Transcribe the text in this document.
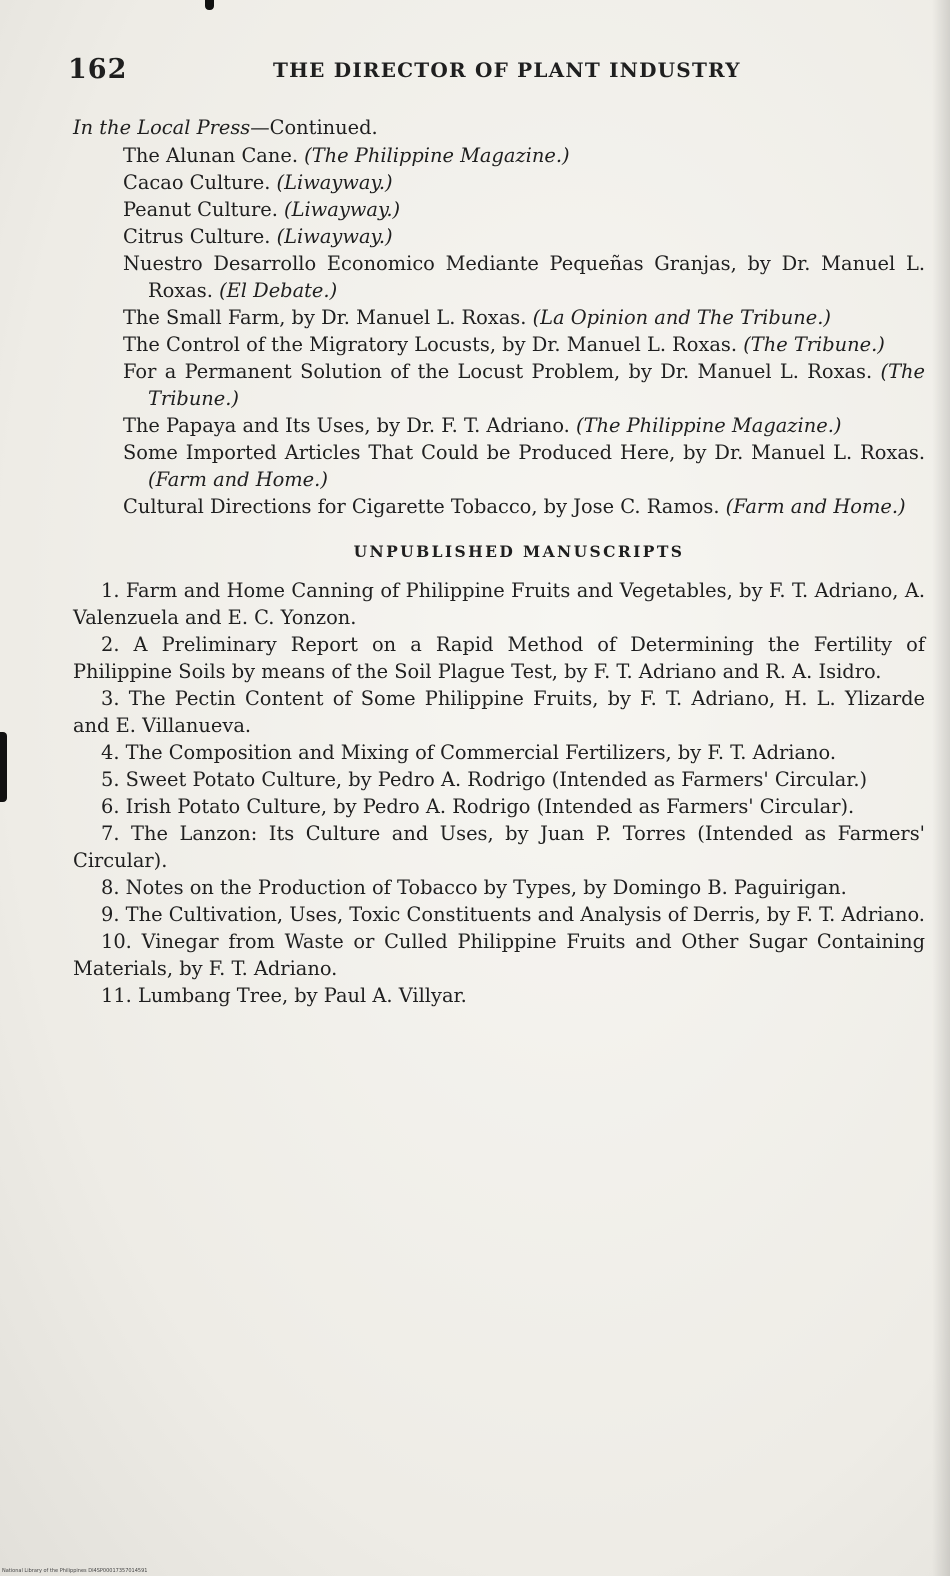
162	THE DIRECTOR OF PLANT INDUSTRY

In the Local Press—Continued.

The Alunan Cane. (The Philippine Magazine.)
Cacao Culture. (Liwayway.)
Peanut Culture. (Liwayway.)
Citrus Culture. (Liwayway.)
Nuestro Desarrollo Economico Mediante Pequeñas Granjas, by Dr. Manuel L. Roxas. (El Debate.)
The Small Farm, by Dr. Manuel L. Roxas. (La Opinion and The Tribune.)
The Control of the Migratory Locusts, by Dr. Manuel L. Roxas. (The Tribune.)
For a Permanent Solution of the Locust Problem, by Dr. Manuel L. Roxas. (The Tribune.)
The Papaya and Its Uses, by Dr. F. T. Adriano. (The Philippine Magazine.)
Some Imported Articles That Could be Produced Here, by Dr. Manuel L. Roxas. (Farm and Home.)
Cultural Directions for Cigarette Tobacco, by Jose C. Ramos. (Farm and Home.)
UNPUBLISHED MANUSCRIPTS
1. Farm and Home Canning of Philippine Fruits and Vegetables, by F. T. Adriano, A. Valenzuela and E. C. Yonzon.
2. A Preliminary Report on a Rapid Method of Determining the Fertility of Philippine Soils by means of the Soil Plague Test, by F. T. Adriano and R. A. Isidro.
3. The Pectin Content of Some Philippine Fruits, by F. T. Adriano, H. L. Ylizarde and E. Villanueva.
4. The Composition and Mixing of Commercial Fertilizers, by F. T. Adriano.
5. Sweet Potato Culture, by Pedro A. Rodrigo (Intended as Farmers' Circular.)
6. Irish Potato Culture, by Pedro A. Rodrigo (Intended as Farmers' Circular).
7. The Lanzon: Its Culture and Uses, by Juan P. Torres (Intended as Farmers' Circular).
8. Notes on the Production of Tobacco by Types, by Domingo B. Paguirigan.
9. The Cultivation, Uses, Toxic Constituents and Analysis of Derris, by F. T. Adriano.
10. Vinegar from Waste or Culled Philippine Fruits and Other Sugar Containing Materials, by F. T. Adriano.
11. Lumbang Tree, by Paul A. Villyar.
National Library of the Philippines DI4SP00017357014591
